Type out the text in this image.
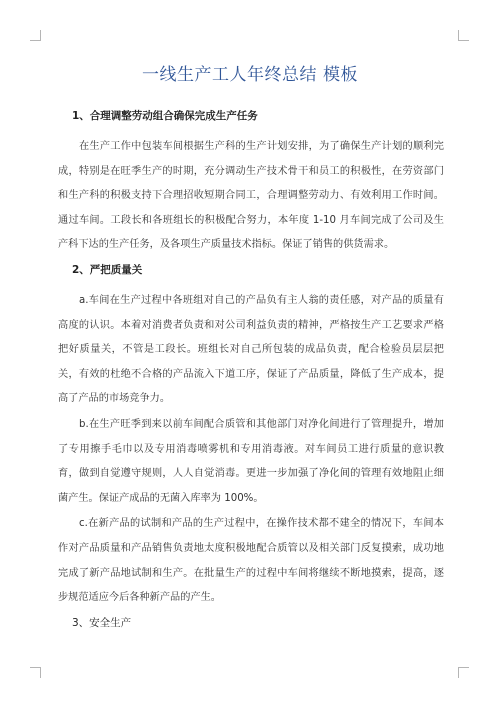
一线生产工人年终总结 模板
1、合理调整劳动组合确保完成生产任务

在生产工作中包装车间根据生产科的生产计划安排，为了确保生产计划的顺利完成，特别是在旺季生产的时期，充分调动生产技术骨干和员工的积极性，在劳资部门和生产科的积极支持下合理招收短期合同工，合理调整劳动力、有效利用工作时间。通过车间。工段长和各班组长的积极配合努力，本年度 1-10 月车间完成了公司及生产科下达的生产任务，及各项生产质量技术指标。保证了销售的供货需求。

2、严把质量关

a.车间在生产过程中各班组对自己的产品负有主人翁的责任感，对产品的质量有高度的认识。本着对消费者负责和对公司利益负责的精神，严格按生产工艺要求严格把好质量关，不管是工段长。班组长对自己所包装的成品负责，配合检验员层层把关，有效的杜绝不合格的产品流入下道工序，保证了产品质量，降低了生产成本，提高了产品的市场竞争力。

b.在生产旺季到来以前车间配合质管和其他部门对净化间进行了管理提升，增加了专用擦手毛巾以及专用消毒喷雾机和专用消毒液。对车间员工进行质量的意识教育，做到自觉遵守规则，人人自觉消毒。更进一步加强了净化间的管理有效地阻止细菌产生。保证产成品的无菌入库率为 100%。

c.在新产品的试制和产品的生产过程中，在操作技术都不建全的情况下，车间本作对产品质量和产品销售负责地太度积极地配合质管以及相关部门反复摸索，成功地完成了新产品地试制和生产。在批量生产的过程中车间将继续不断地摸索，提高，逐步规范适应今后各种新产品的产生。

3、安全生产
